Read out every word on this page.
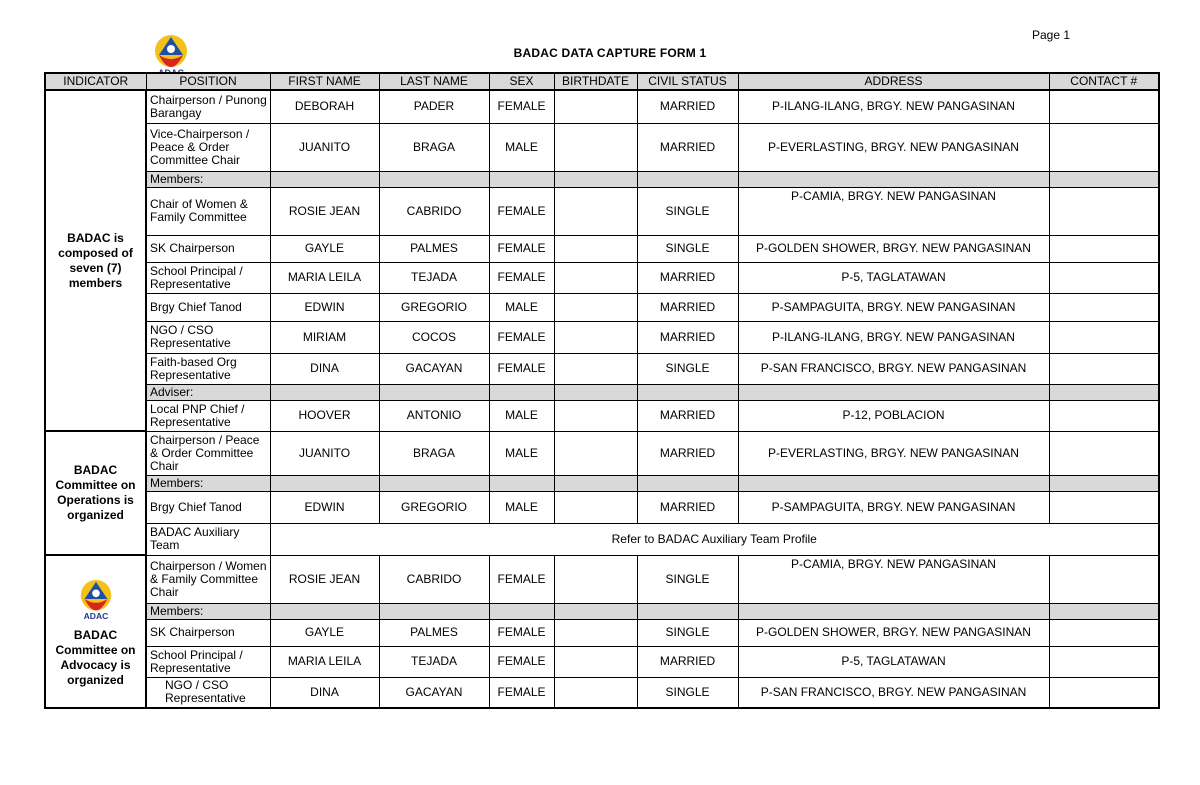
Page 1
BADAC DATA CAPTURE FORM 1
INDICATOR	POSITION	FIRST NAME	LAST NAME	SEX	BIRTHDATE	CIVIL STATUS	ADDRESS	CONTACT #
BADAC is composed of seven (7) members	Chairperson / Punong Barangay	DEBORAH	PADER	FEMALE		MARRIED	P-ILANG-ILANG, BRGY. NEW PANGASINAN	
	Vice-Chairperson / Peace & Order Committee Chair	JUANITO	BRAGA	MALE		MARRIED	P-EVERLASTING, BRGY. NEW PANGASINAN	
	Members:							
	Chair of Women & Family Committee	ROSIE JEAN	CABRIDO	FEMALE		SINGLE	P-CAMIA, BRGY. NEW PANGASINAN	
	SK Chairperson	GAYLE	PALMES	FEMALE		SINGLE	P-GOLDEN SHOWER, BRGY. NEW PANGASINAN	
	School Principal / Representative	MARIA LEILA	TEJADA	FEMALE		MARRIED	P-5, TAGLATAWAN	
	Brgy Chief Tanod	EDWIN	GREGORIO	MALE		MARRIED	P-SAMPAGUITA, BRGY. NEW PANGASINAN	
	NGO / CSO Representative	MIRIAM	COCOS	FEMALE		MARRIED	P-ILANG-ILANG, BRGY. NEW PANGASINAN	
	Faith-based Org Representative	DINA	GACAYAN	FEMALE		SINGLE	P-SAN FRANCISCO, BRGY. NEW PANGASINAN	
	Adviser:							
	Local PNP Chief / Representative	HOOVER	ANTONIO	MALE		MARRIED	P-12, POBLACION	
BADAC Committee on Operations is organized	Chairperson / Peace & Order Committee Chair	JUANITO	BRAGA	MALE		MARRIED	P-EVERLASTING, BRGY. NEW PANGASINAN	
	Members:							
	Brgy Chief Tanod	EDWIN	GREGORIO	MALE		MARRIED	P-SAMPAGUITA, BRGY. NEW PANGASINAN	
	BADAC Auxiliary Team	Refer to BADAC Auxiliary Team Profile						

ADAC
BADAC Committee on Advocacy is organized	Chairperson / Women & Family Committee Chair	ROSIE JEAN	CABRIDO	FEMALE		SINGLE	P-CAMIA, BRGY. NEW PANGASINAN	
	Members:							
	SK Chairperson	GAYLE	PALMES	FEMALE		SINGLE	P-GOLDEN SHOWER, BRGY. NEW PANGASINAN	
	School Principal / Representative	MARIA LEILA	TEJADA	FEMALE		MARRIED	P-5, TAGLATAWAN	
	NGO / CSO Representative	DINA	GACAYAN	FEMALE		SINGLE	P-SAN FRANCISCO, BRGY. NEW PANGASINAN	
